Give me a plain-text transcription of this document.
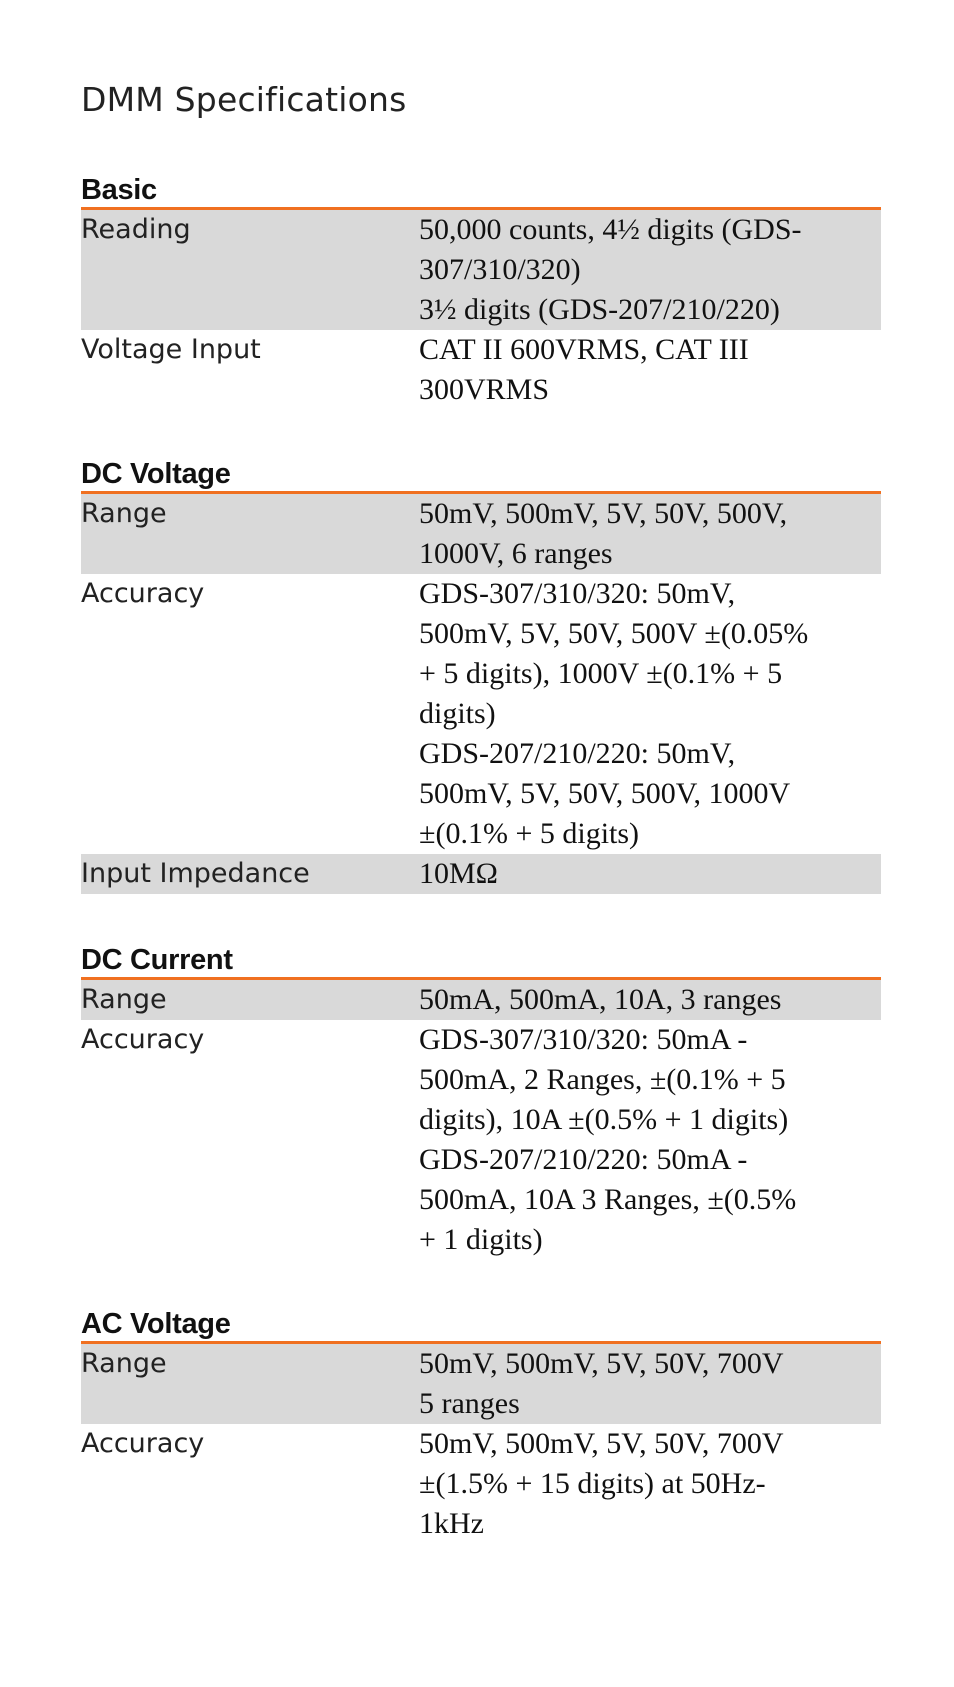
DMM Specifications
Basic
Reading	50,000 counts, 4½ digits (GDS-
307/310/320)
3½ digits (GDS-207/210/220)
Voltage Input	CAT II 600VRMS, CAT III
300VRMS
DC Voltage
Range	50mV, 500mV, 5V, 50V, 500V,
1000V, 6 ranges
Accuracy	GDS-307/310/320: 50mV,
500mV, 5V, 50V, 500V ±(0.05%
+ 5 digits), 1000V ±(0.1% + 5
digits)
GDS-207/210/220: 50mV,
500mV, 5V, 50V, 500V, 1000V
±(0.1% + 5 digits)
Input Impedance	10MΩ
DC Current
Range	50mA, 500mA, 10A, 3 ranges
Accuracy	GDS-307/310/320: 50mA -
500mA, 2 Ranges, ±(0.1% + 5
digits), 10A ±(0.5% + 1 digits)
GDS-207/210/220: 50mA -
500mA, 10A 3 Ranges, ±(0.5%
+ 1 digits)
AC Voltage
Range	50mV, 500mV, 5V, 50V, 700V
5 ranges
Accuracy	50mV, 500mV, 5V, 50V, 700V
±(1.5% + 15 digits) at 50Hz-
1kHz
